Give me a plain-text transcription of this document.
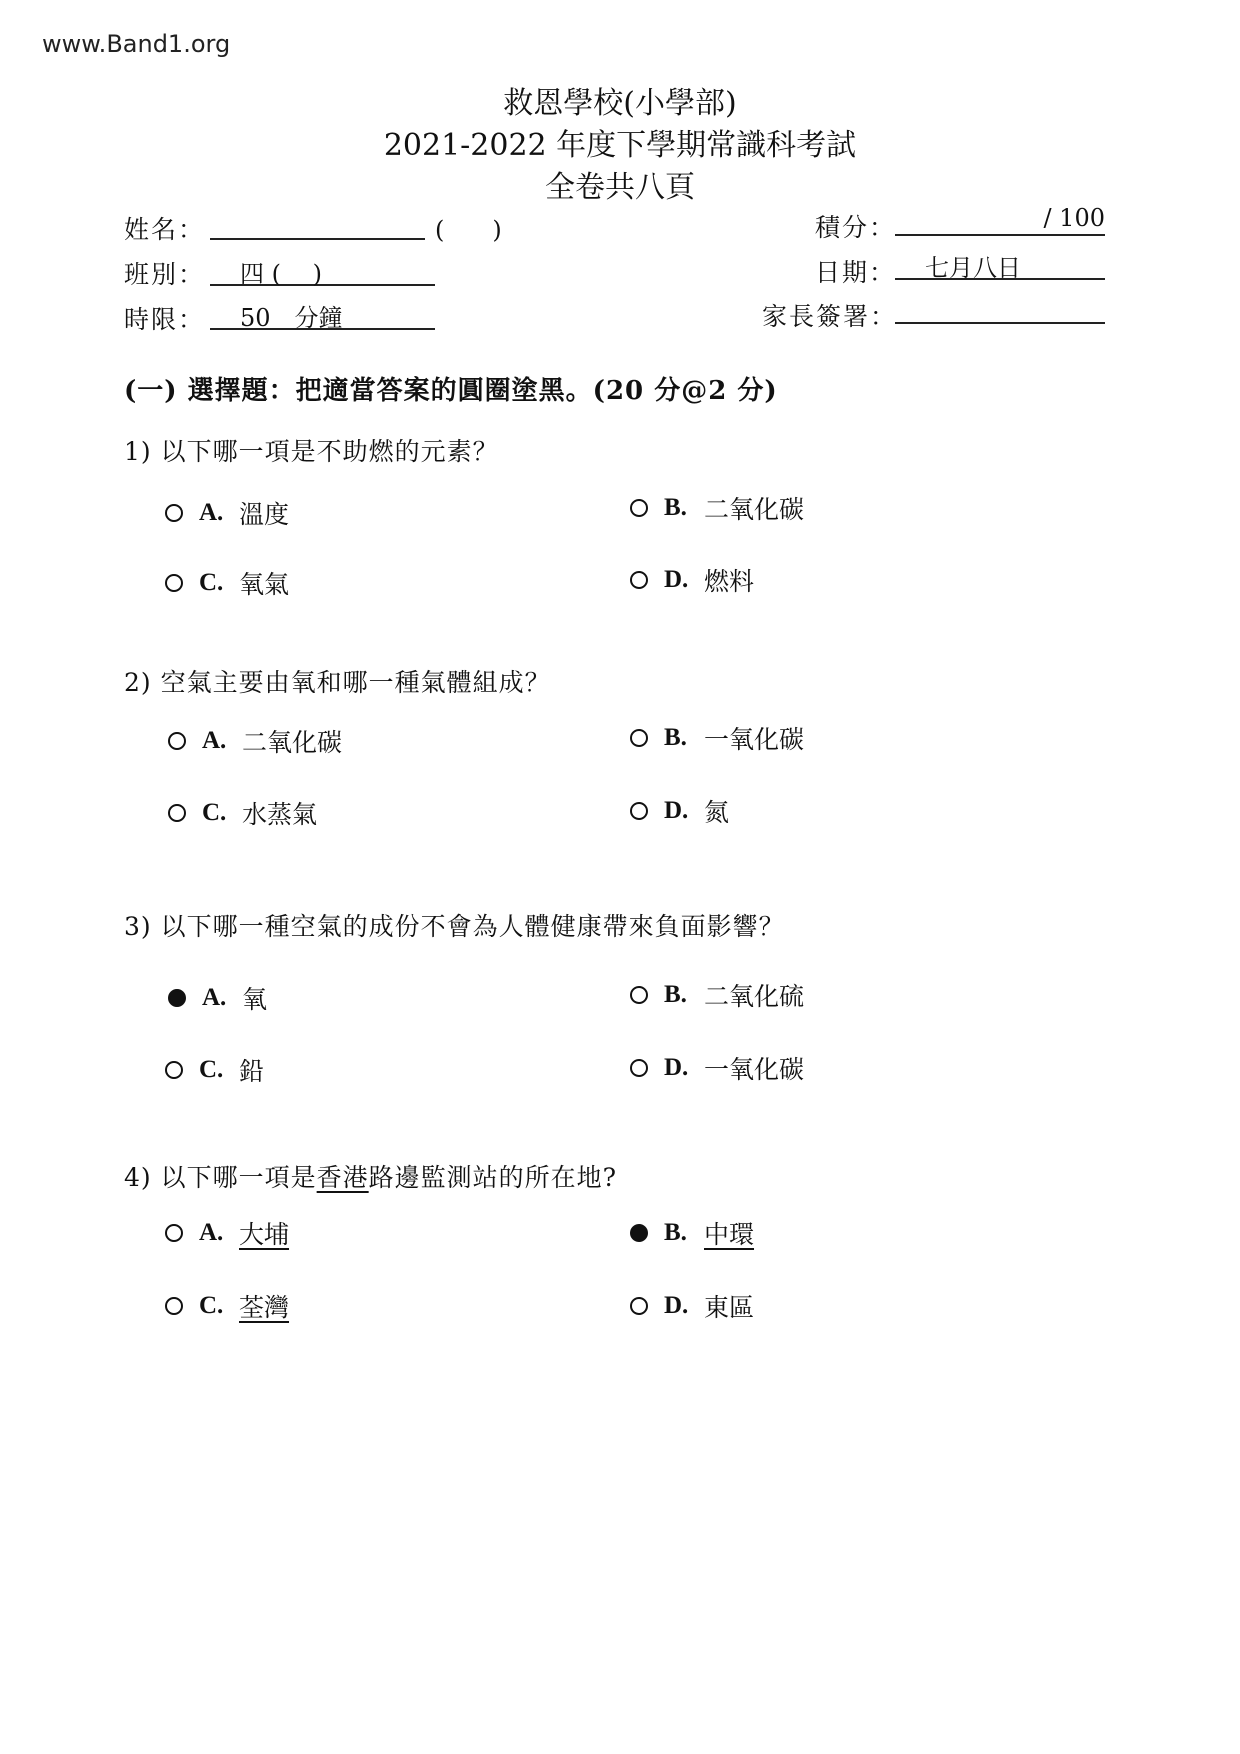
www.Band1.org
救恩學校(小學部)
2021-2022 年度下學期常識科考試
全卷共八頁
姓名：	(　　)
班別：	四 (　 )
時限：	50　分鐘
積分：	/ 100
日期：	七月八日
家長簽署：
(一) 選擇題：把適當答案的圓圈塗黑。(20 分@2 分)
1) 以下哪一項是不助燃的元素？
A. 溫度	B. 二氧化碳
C. 氧氣	D. 燃料
2) 空氣主要由氧和哪一種氣體組成？
A. 二氧化碳	B. 一氧化碳
C. 水蒸氣	D. 氮
3) 以下哪一種空氣的成份不會為人體健康帶來負面影響？
A. 氧	B. 二氧化硫
C. 鉛	D. 一氧化碳
4) 以下哪一項是香港路邊監測站的所在地?
A. 大埔	B. 中環
C. 荃灣	D. 東區
